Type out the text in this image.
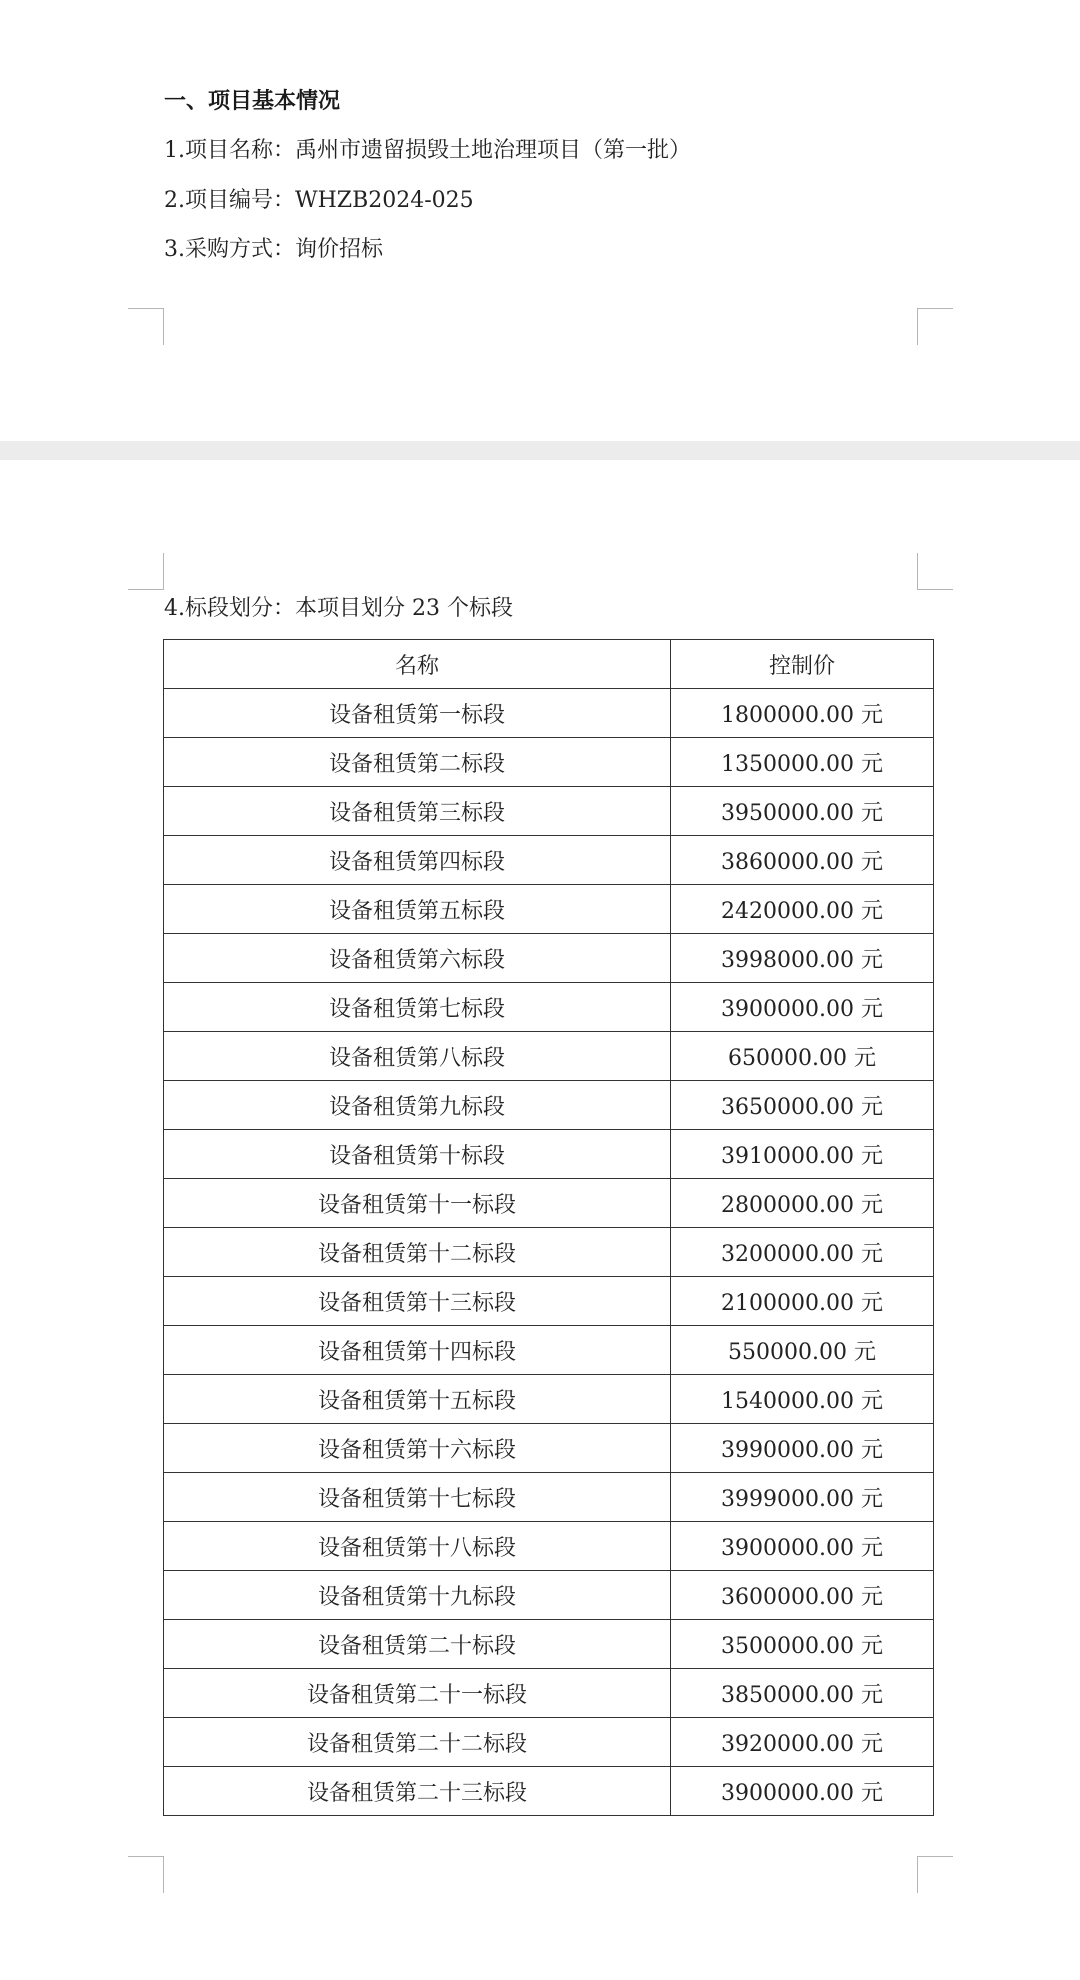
一、项目基本情况
1.项目名称：禹州市遗留损毁土地治理项目（第一批）
2.项目编号：WHZB2024-025
3.采购方式：询价招标
4.标段划分：本项目划分 23 个标段
名称	控制价
设备租赁第一标段	1800000.00 元
设备租赁第二标段	1350000.00 元
设备租赁第三标段	3950000.00 元
设备租赁第四标段	3860000.00 元
设备租赁第五标段	2420000.00 元
设备租赁第六标段	3998000.00 元
设备租赁第七标段	3900000.00 元
设备租赁第八标段	650000.00 元
设备租赁第九标段	3650000.00 元
设备租赁第十标段	3910000.00 元
设备租赁第十一标段	2800000.00 元
设备租赁第十二标段	3200000.00 元
设备租赁第十三标段	2100000.00 元
设备租赁第十四标段	550000.00 元
设备租赁第十五标段	1540000.00 元
设备租赁第十六标段	3990000.00 元
设备租赁第十七标段	3999000.00 元
设备租赁第十八标段	3900000.00 元
设备租赁第十九标段	3600000.00 元
设备租赁第二十标段	3500000.00 元
设备租赁第二十一标段	3850000.00 元
设备租赁第二十二标段	3920000.00 元
设备租赁第二十三标段	3900000.00 元
